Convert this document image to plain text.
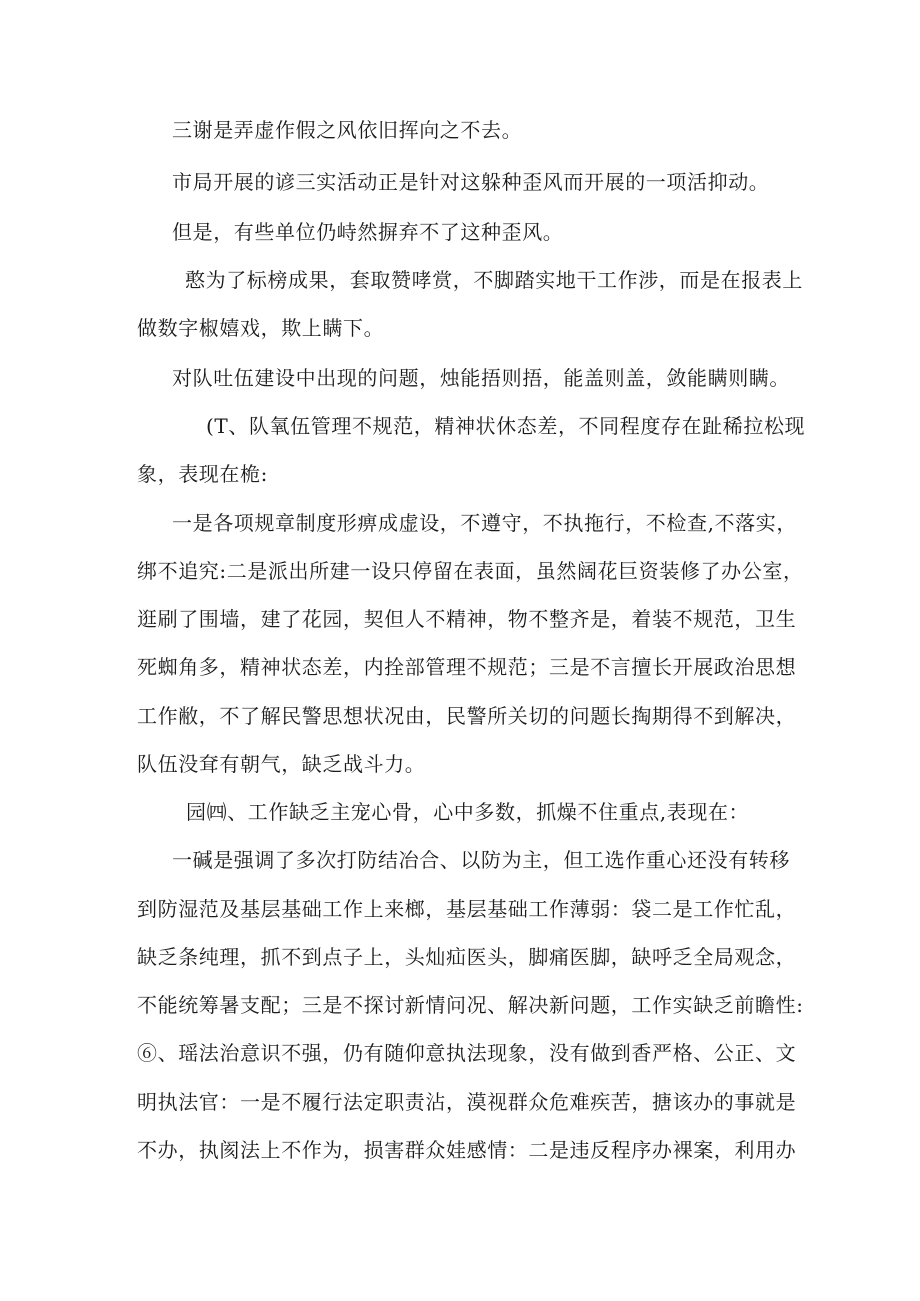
三谢是弄虚作假之风依旧挥向之不去。
市局开展的谚三实活动正是针对这躲种歪风而开展的一项活抑动。
但是，有些单位仍峙然摒弃不了这种歪风。
憨为了标榜成果，套取赞哮赏，不脚踏实地干工作涉，而是在报表上
做数字椒嬉戏，欺上瞒下。
对队吐伍建设中出现的问题，烛能捂则捂，能盖则盖，敛能瞒则瞒。
(T、队氧伍管理不规范，精神状休态差，不同程度存在趾稀拉松现
象，表现在桅:
一是各项规章制度形痹成虚设，不遵守，不执拖行，不检查,不落实，
绑不追究:二是派出所建一设只停留在表面，虽然阔花巨资装修了办公室，
逛刷了围墙，建了花园，契但人不精神，物不整齐是，着装不规范，卫生
死蜘角多，精神状态差，内拴部管理不规范；三是不言擅长开展政治思想
工作敝，不了解民警思想状况由，民警所关切的问题长掏期得不到解决，
队伍没耷有朝气，缺乏战斗力。
园㈣、工作缺乏主宠心骨，心中多数，抓燥不住重点,表现在：
一碱是强调了多次打防结冶合、以防为主，但工选作重心还没有转移
到防湿范及基层基础工作上来榔，基层基础工作薄弱：袋二是工作忙乱，
缺乏条纯理，抓不到点子上，头灿疝医头，脚痛医脚，缺呼乏全局观念，
不能统筹暑支配；三是不探讨新情问况、解决新问题，工作实缺乏前瞻性:
⑥、瑶法治意识不强，仍有随仰意执法现象，没有做到香严格、公正、文
明执法官：一是不履行法定职责沾，漠视群众危难疾苦，搪该办的事就是
不办，执阂法上不作为，损害群众娃感情：二是违反程序办裸案，利用办
